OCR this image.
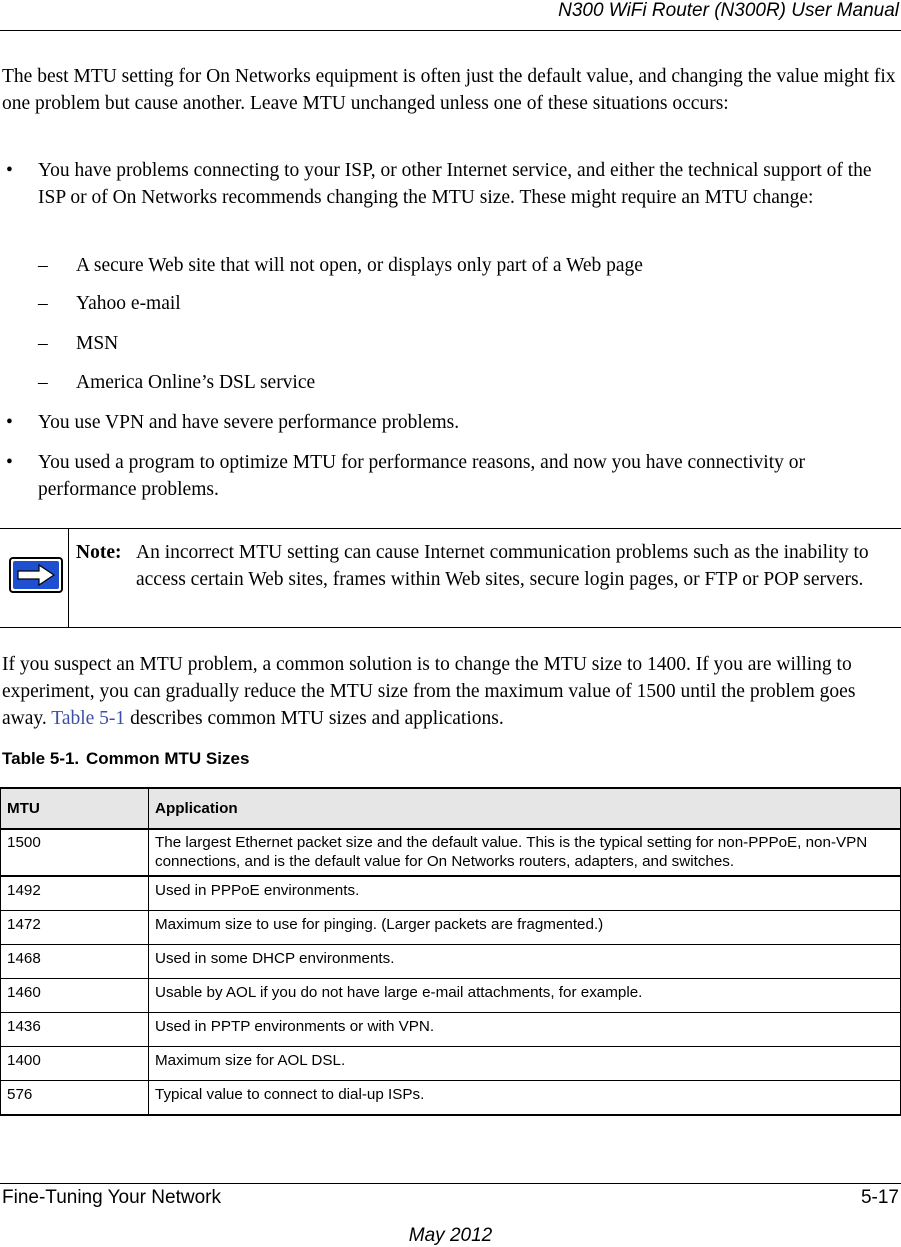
N300 WiFi Router (N300R) User Manual
The best MTU setting for On Networks equipment is often just the default value, and changing the value might fix one problem but cause another. Leave MTU unchanged unless one of these situations occurs:
• You have problems connecting to your ISP, or other Internet service, and either the technical support of the ISP or of On Networks recommends changing the MTU size. These might require an MTU change:
– A secure Web site that will not open, or displays only part of a Web page
– Yahoo e-mail
– MSN
– America Online’s DSL service
• You use VPN and have severe performance problems.
• You used a program to optimize MTU for performance reasons, and now you have connectivity or performance problems.
Note: An incorrect MTU setting can cause Internet communication problems such as the inability to access certain Web sites, frames within Web sites, secure login pages, or FTP or POP servers.
If you suspect an MTU problem, a common solution is to change the MTU size to 1400. If you are willing to experiment, you can gradually reduce the MTU size from the maximum value of 1500 until the problem goes away. Table 5-1 describes common MTU sizes and applications.
Table 5-1. Common MTU Sizes
MTU	Application
1500	The largest Ethernet packet size and the default value. This is the typical setting for non-PPPoE, non-VPN connections, and is the default value for On Networks routers, adapters, and switches.
1492	Used in PPPoE environments.
1472	Maximum size to use for pinging. (Larger packets are fragmented.)
1468	Used in some DHCP environments.
1460	Usable by AOL if you do not have large e-mail attachments, for example.
1436	Used in PPTP environments or with VPN.
1400	Maximum size for AOL DSL.
576	Typical value to connect to dial-up ISPs.
Fine-Tuning Your Network	5-17
May 2012
